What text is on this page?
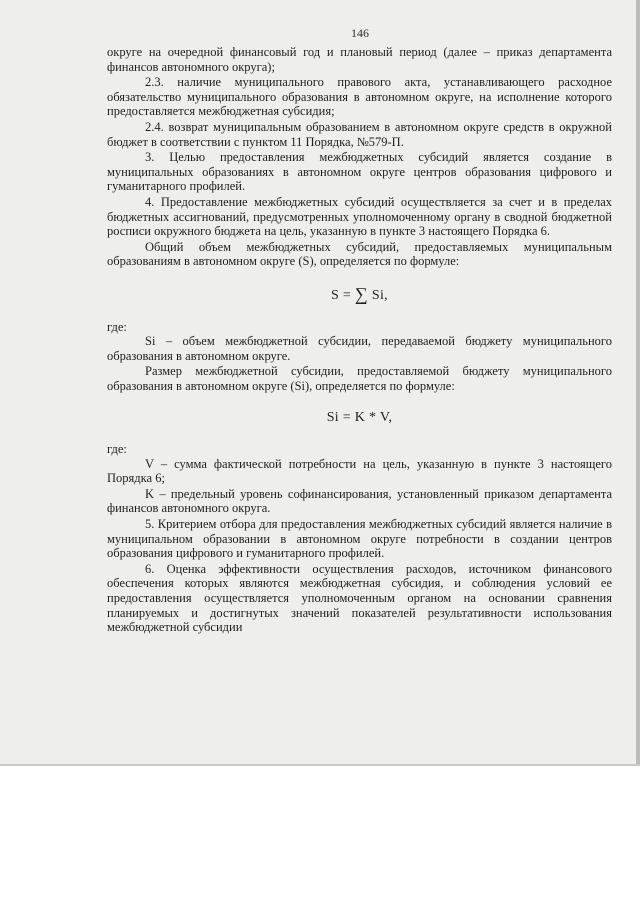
146

округе на очередной финансовый год и плановый период (далее – приказ департамента финансов автономного округа);

2.3. наличие муниципального правового акта, устанавливающего расходное обязательство муниципального образования в автономном округе, на исполнение которого предоставляется межбюджетная субсидия;

2.4. возврат муниципальным образованием в автономном округе средств в окружной бюджет в соответствии с пунктом 11 Порядка, №579-П.

3. Целью предоставления межбюджетных субсидий является создание в муниципальных образованиях в автономном округе центров образования цифрового и гуманитарного профилей.

4. Предоставление межбюджетных субсидий осуществляется за счет и в пределах бюджетных ассигнований, предусмотренных уполномоченному органу в сводной бюджетной росписи окружного бюджета на цель, указанную в пункте 3 настоящего Порядка 6.

Общий объем межбюджетных субсидий, предоставляемых муниципальным образованиям в автономном округе (S), определяется по формуле:

S = ∑ Si,

где:

Si – объем межбюджетной субсидии, передаваемой бюджету муниципального образования в автономном округе.

Размер межбюджетной субсидии, предоставляемой бюджету муниципального образования в автономном округе (Si), определяется по формуле:

Si = K * V,

где:

V – сумма фактической потребности на цель, указанную в пункте 3 настоящего Порядка 6;

K – предельный уровень софинансирования, установленный приказом департамента финансов автономного округа.

5. Критерием отбора для предоставления межбюджетных субсидий является наличие в муниципальном образовании в автономном округе потребности в создании центров образования цифрового и гуманитарного профилей.

6. Оценка эффективности осуществления расходов, источником финансового обеспечения которых являются межбюджетная субсидия, и соблюдения условий ее предоставления осуществляется уполномоченным органом на основании сравнения планируемых и достигнутых значений показателей результативности использования межбюджетной субсидии
